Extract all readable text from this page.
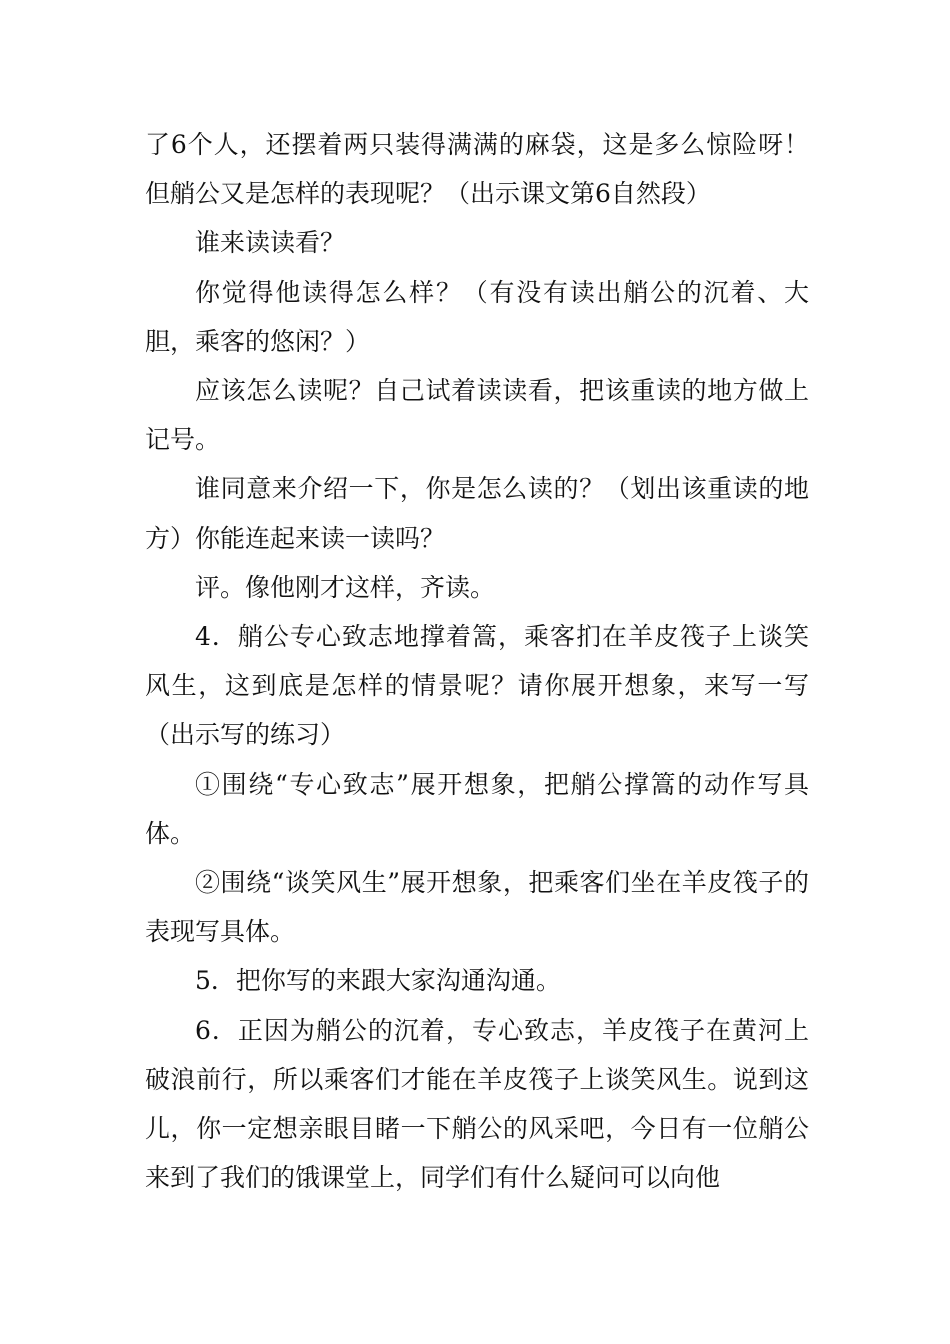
了6个人，还摆着两只装得满满的麻袋，这是多么惊险呀！但艄公又是怎样的表现呢？（出示课文第6自然段）

谁来读读看？

你觉得他读得怎么样？（有没有读出艄公的沉着、大胆，乘客的悠闲？）

应该怎么读呢？自己试着读读看，把该重读的地方做上记号。

谁同意来介绍一下，你是怎么读的？（划出该重读的地方）你能连起来读一读吗？

评。像他刚才这样，齐读。

4．艄公专心致志地撑着篙，乘客扪在羊皮筏子上谈笑风生，这到底是怎样的情景呢？请你展开想象，来写一写（出示写的练习）

①围绕“专心致志”展开想象，把艄公撑篙的动作写具体。

②围绕“谈笑风生”展开想象，把乘客们坐在羊皮筏子的表现写具体。

5．把你写的来跟大家沟通沟通。

6．正因为艄公的沉着，专心致志，羊皮筏子在黄河上破浪前行，所以乘客们才能在羊皮筏子上谈笑风生。说到这儿，你一定想亲眼目睹一下艄公的风采吧，今日有一位艄公来到了我们的饿课堂上，同学们有什么疑问可以向他
